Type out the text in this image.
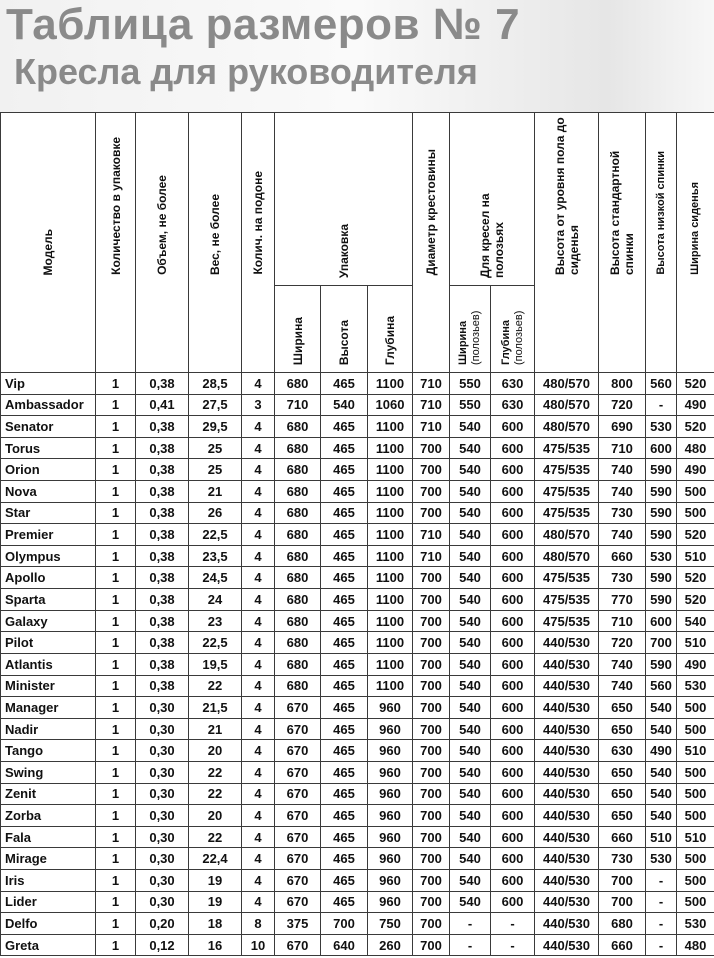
Таблица размеров № 7
Кресла для руководителя
Модель	Количество в упаковке	Объем, не более	Вес, не более	Колич. на подоне	Упаковка			Диаметр крестовины	Для кресел на полозьях		Высота от уровня пола до сиденья	Высота стандартной спинки	Высота низкой спинки	Ширина сиденья
					Ширина	Высота	Глубина		Ширина (полозьев)	Глубина (полозьев)				
Vip	1	0,38	28,5	4	680	465	1100	710	550	630	480/570	800	560	520
Ambassador	1	0,41	27,5	3	710	540	1060	710	550	630	480/570	720	-	490
Senator	1	0,38	29,5	4	680	465	1100	710	540	600	480/570	690	530	520
Torus	1	0,38	25	4	680	465	1100	700	540	600	475/535	710	600	480
Orion	1	0,38	25	4	680	465	1100	700	540	600	475/535	740	590	490
Nova	1	0,38	21	4	680	465	1100	700	540	600	475/535	740	590	500
Star	1	0,38	26	4	680	465	1100	700	540	600	475/535	730	590	500
Premier	1	0,38	22,5	4	680	465	1100	710	540	600	480/570	740	590	520
Olympus	1	0,38	23,5	4	680	465	1100	710	540	600	480/570	660	530	510
Apollo	1	0,38	24,5	4	680	465	1100	700	540	600	475/535	730	590	520
Sparta	1	0,38	24	4	680	465	1100	700	540	600	475/535	770	590	520
Galaxy	1	0,38	23	4	680	465	1100	700	540	600	475/535	710	600	540
Pilot	1	0,38	22,5	4	680	465	1100	700	540	600	440/530	720	700	510
Atlantis	1	0,38	19,5	4	680	465	1100	700	540	600	440/530	740	590	490
Minister	1	0,38	22	4	680	465	1100	700	540	600	440/530	740	560	530
Manager	1	0,30	21,5	4	670	465	960	700	540	600	440/530	650	540	500
Nadir	1	0,30	21	4	670	465	960	700	540	600	440/530	650	540	500
Tango	1	0,30	20	4	670	465	960	700	540	600	440/530	630	490	510
Swing	1	0,30	22	4	670	465	960	700	540	600	440/530	650	540	500
Zenit	1	0,30	22	4	670	465	960	700	540	600	440/530	650	540	500
Zorba	1	0,30	20	4	670	465	960	700	540	600	440/530	650	540	500
Fala	1	0,30	22	4	670	465	960	700	540	600	440/530	660	510	510
Mirage	1	0,30	22,4	4	670	465	960	700	540	600	440/530	730	530	500
Iris	1	0,30	19	4	670	465	960	700	540	600	440/530	700	-	500
Lider	1	0,30	19	4	670	465	960	700	540	600	440/530	700	-	500
Delfo	1	0,20	18	8	375	700	750	700	-	-	440/530	680	-	530
Greta	1	0,12	16	10	670	640	260	700	-	-	440/530	660	-	480
